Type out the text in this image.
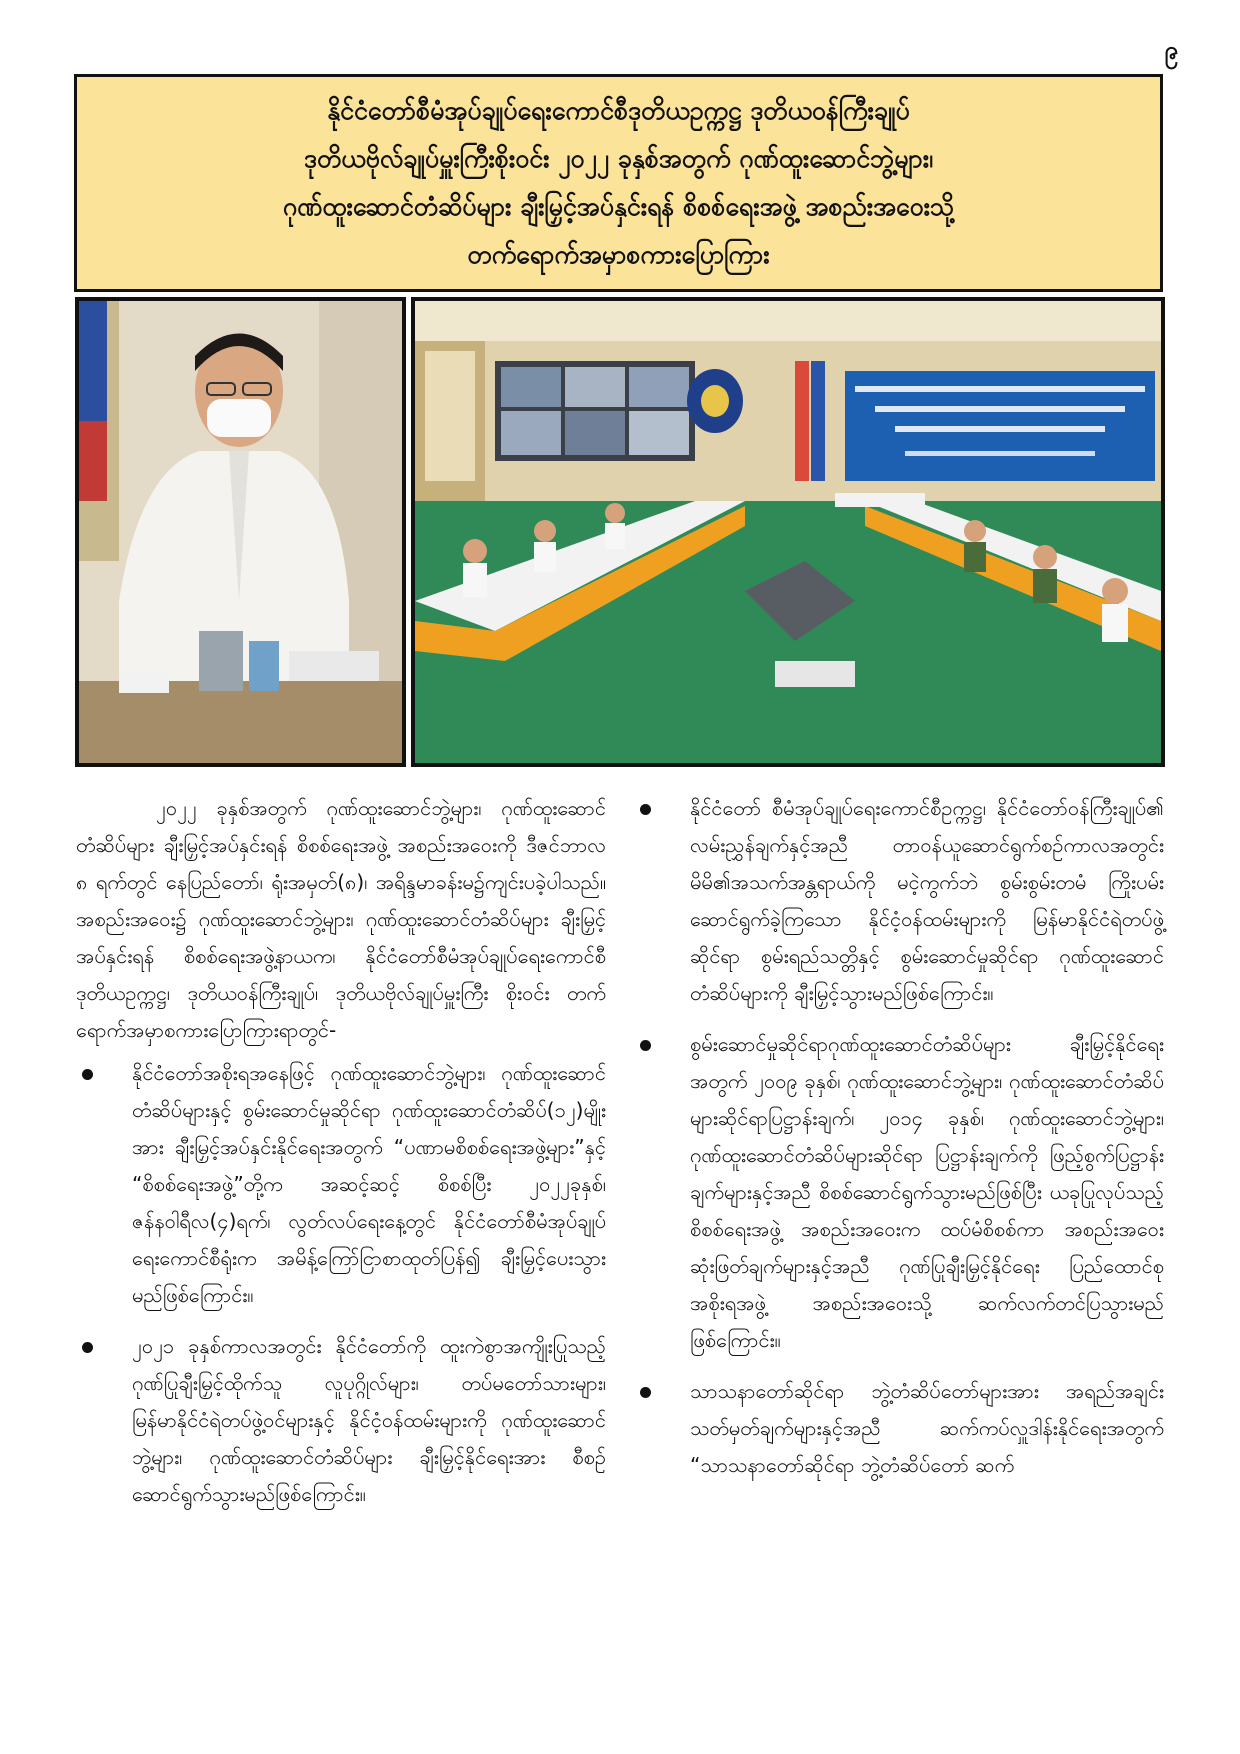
၉
နိုင်ငံတော်စီမံအုပ်ချုပ်ရေးကောင်စီဒုတိယဥက္ကဋ္ဌ ဒုတိယဝန်ကြီးချုပ်
ဒုတိယဗိုလ်ချုပ်မှူးကြီးစိုးဝင်း ၂၀၂၂ ခုနှစ်အတွက် ဂုဏ်ထူးဆောင်ဘွဲ့များ၊
ဂုဏ်ထူးဆောင်တံဆိပ်များ ချီးမြှင့်အပ်နှင်းရန် စိစစ်ရေးအဖွဲ့ အစည်းအဝေးသို့
တက်ရောက်အမှာစကားပြောကြား

၂၀၂၂ ခုနှစ်အတွက် ဂုဏ်ထူးဆောင်ဘွဲ့များ၊ ဂုဏ်ထူးဆောင်တံဆိပ်များ ချီးမြှင့်အပ်နှင်းရန် စိစစ်ရေးအဖွဲ့ အစည်းအဝေးကို ဒီဇင်ဘာလ ၈ ရက်တွင် နေပြည်တော်၊ ရုံးအမှတ်(၈)၊ အရိန္ဒမာခန်းမ၌ကျင်းပခဲ့ပါသည်။ အစည်းအဝေး၌ ဂုဏ်ထူးဆောင်ဘွဲ့များ၊ ဂုဏ်ထူးဆောင်တံဆိပ်များ ချီးမြှင့်အပ်နှင်းရန် စိစစ်ရေးအဖွဲ့နာယက၊ နိုင်ငံတော်စီမံအုပ်ချုပ်ရေးကောင်စီ ဒုတိယဥက္ကဋ္ဌ၊ ဒုတိယဝန်ကြီးချုပ်၊ ဒုတိယဗိုလ်ချုပ်မှူးကြီး စိုးဝင်း တက်ရောက်အမှာစကားပြောကြားရာတွင်-

နိုင်ငံတော်အစိုးရအနေဖြင့် ဂုဏ်ထူးဆောင်ဘွဲ့များ၊ ဂုဏ်ထူးဆောင်တံဆိပ်များနှင့် စွမ်းဆောင်မှုဆိုင်ရာ ဂုဏ်ထူးဆောင်တံဆိပ်(၁၂)မျိုးအား ချီးမြှင့်အပ်နှင်းနိုင်ရေးအတွက် “ပဏာမစိစစ်ရေးအဖွဲ့များ”နှင့် “စိစစ်ရေးအဖွဲ့”တို့က အဆင့်ဆင့် စိစစ်ပြီး ၂၀၂၂ခုနှစ်၊ ဇန်နဝါရီလ(၄)ရက်၊ လွတ်လပ်ရေးနေ့တွင် နိုင်ငံတော်စီမံအုပ်ချုပ်ရေးကောင်စီရုံးက အမိန့်ကြော်ငြာစာထုတ်ပြန်၍ ချီးမြှင့်ပေးသွားမည်ဖြစ်ကြောင်း။
၂၀၂၁ ခုနှစ်ကာလအတွင်း နိုင်ငံတော်ကို ထူးကဲစွာအကျိုးပြုသည့် ဂုဏ်ပြုချီးမြှင့်ထိုက်သူ လူပုဂ္ဂိုလ်များ၊ တပ်မတော်သားများ၊ မြန်မာနိုင်ငံရဲတပ်ဖွဲ့ဝင်များနှင့် နိုင်ငံ့ဝန်ထမ်းများကို ဂုဏ်ထူးဆောင်ဘွဲ့များ၊ ဂုဏ်ထူးဆောင်တံဆိပ်များ ချီးမြှင့်နိုင်ရေးအား စီစဉ်ဆောင်ရွက်သွားမည်ဖြစ်ကြောင်း။
နိုင်ငံတော် စီမံအုပ်ချုပ်ရေးကောင်စီဥက္ကဋ္ဌ၊ နိုင်ငံတော်ဝန်ကြီးချုပ်၏ လမ်းညွှန်ချက်နှင့်အညီ တာဝန်ယူဆောင်ရွက်စဉ်ကာလအတွင်း မိမိ၏အသက်အန္တရာယ်ကို မငဲ့ကွက်ဘဲ စွမ်းစွမ်းတမံ ကြိုးပမ်းဆောင်ရွက်ခဲ့ကြသော နိုင်ငံ့ဝန်ထမ်းများကို မြန်မာနိုင်ငံရဲတပ်ဖွဲ့ဆိုင်ရာ စွမ်းရည်သတ္တိနှင့် စွမ်းဆောင်မှုဆိုင်ရာ ဂုဏ်ထူးဆောင်တံဆိပ်များကို ချီးမြှင့်သွားမည်ဖြစ်ကြောင်း။
စွမ်းဆောင်မှုဆိုင်ရာဂုဏ်ထူးဆောင်တံဆိပ်များ ချီးမြှင့်နိုင်ရေးအတွက် ၂၀၀၉ ခုနှစ်၊ ဂုဏ်ထူးဆောင်ဘွဲ့များ၊ ဂုဏ်ထူးဆောင်တံဆိပ်များဆိုင်ရာပြဋ္ဌာန်းချက်၊ ၂၀၁၄ ခုနှစ်၊ ဂုဏ်ထူးဆောင်ဘွဲ့များ၊ ဂုဏ်ထူးဆောင်တံဆိပ်များဆိုင်ရာ ပြဋ္ဌာန်းချက်ကို ဖြည့်စွက်ပြဋ္ဌာန်းချက်များနှင့်အညီ စိစစ်ဆောင်ရွက်သွားမည်ဖြစ်ပြီး ယခုပြုလုပ်သည့် စိစစ်ရေးအဖွဲ့ အစည်းအဝေးက ထပ်မံစိစစ်ကာ အစည်းအဝေးဆုံးဖြတ်ချက်များနှင့်အညီ ဂုဏ်ပြုချီးမြှင့်နိုင်ရေး ပြည်ထောင်စုအစိုးရအဖွဲ့ အစည်းအဝေးသို့ ဆက်လက်တင်ပြသွားမည်ဖြစ်ကြောင်း။
သာသနာတော်ဆိုင်ရာ ဘွဲ့တံဆိပ်တော်များအား အရည်အချင်းသတ်မှတ်ချက်များနှင့်အညီ ဆက်ကပ်လှူဒါန်းနိုင်ရေးအတွက် “သာသနာတော်ဆိုင်ရာ ဘွဲ့တံဆိပ်တော် ဆက်
